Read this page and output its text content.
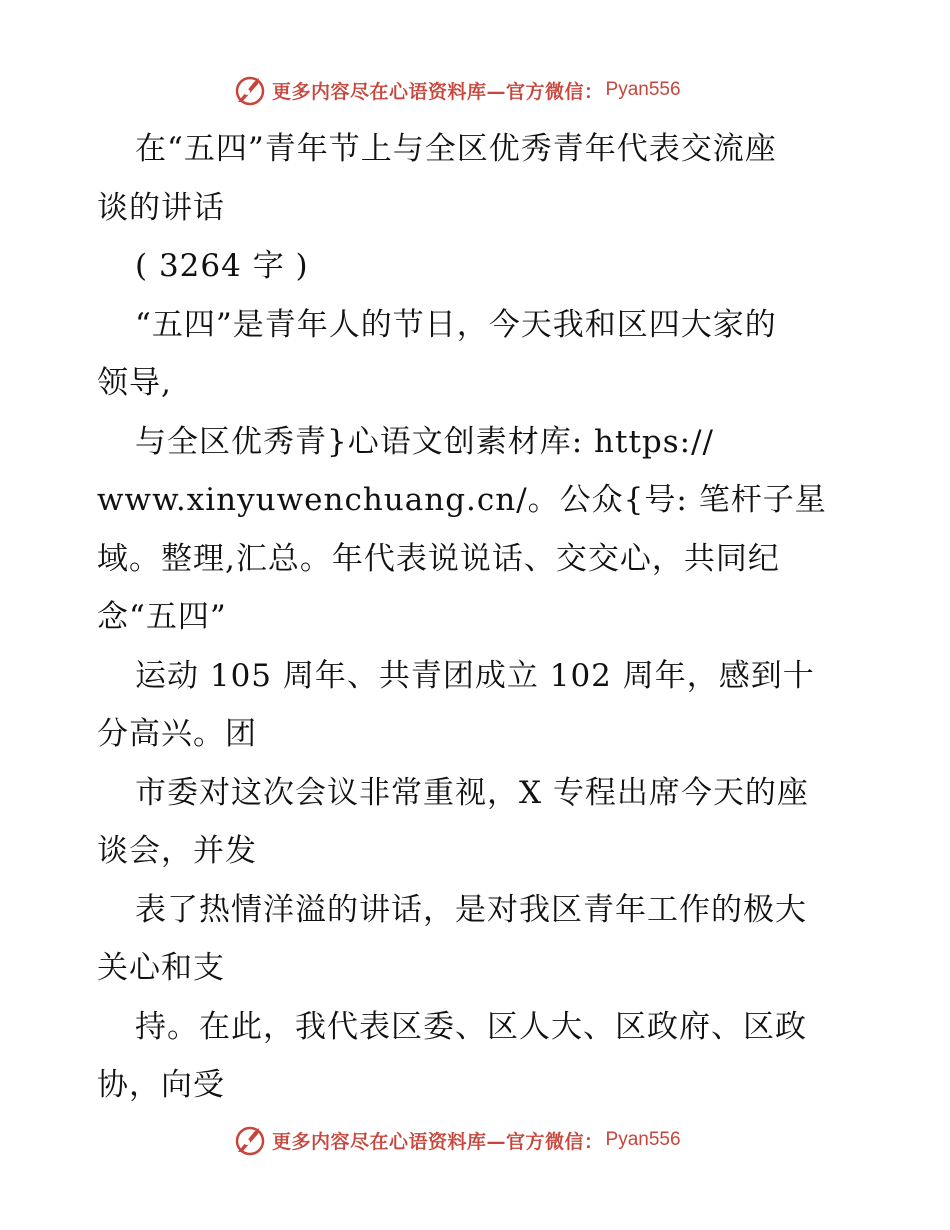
更多内容尽在心语资料库—官方微信： Pyan556
在“五四”青年节上与全区优秀青年代表交流座
谈的讲话
( 3264 字 )
“五四”是青年人的节日，今天我和区四大家的
领导,
与全区优秀青}心语文创素材库: https://
www.xinyuwenchuang.cn/。公众{号: 笔杆子星
域。整理,汇总。年代表说说话、交交心，共同纪
念“五四”
运动 105 周年、共青团成立 102 周年，感到十
分高兴。团
市委对这次会议非常重视，X 专程出席今天的座
谈会，并发
表了热情洋溢的讲话，是对我区青年工作的极大
关心和支
持。在此，我代表区委、区人大、区政府、区政
协，向受
更多内容尽在心语资料库—官方微信： Pyan556
